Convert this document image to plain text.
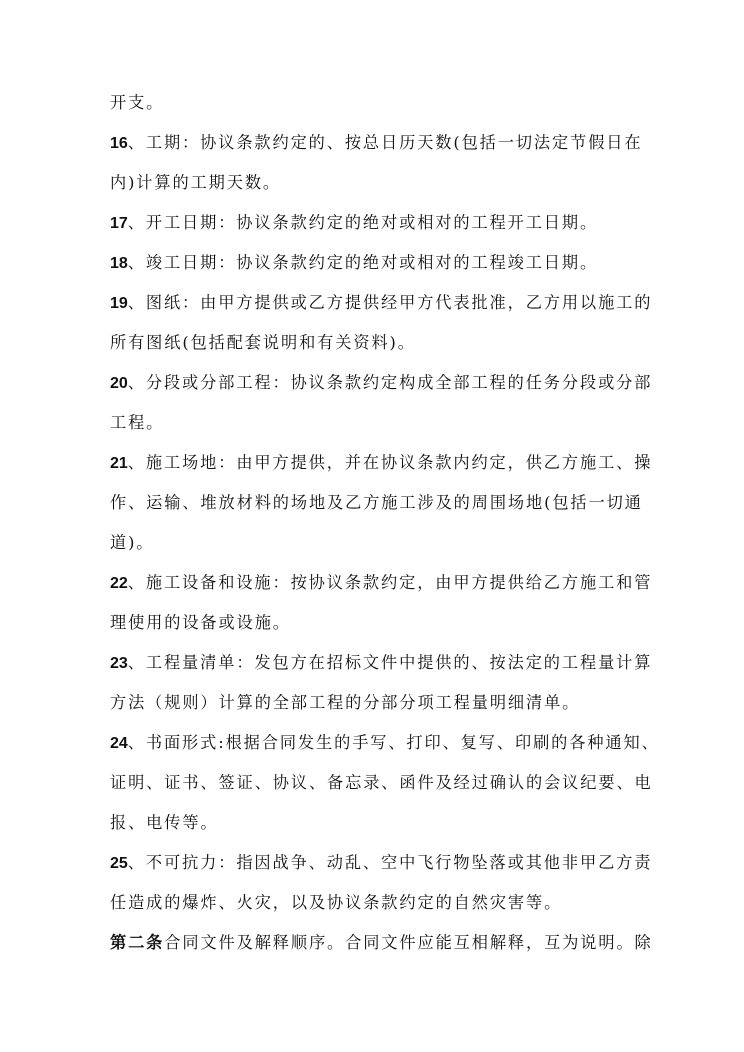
开支。
16、工期：协议条款约定的、按总日历天数(包括一切法定节假日在
内)计算的工期天数。
17、开工日期：协议条款约定的绝对或相对的工程开工日期。
18、竣工日期：协议条款约定的绝对或相对的工程竣工日期。
19、图纸：由甲方提供或乙方提供经甲方代表批准，乙方用以施工的
所有图纸(包括配套说明和有关资料)。
20、分段或分部工程：协议条款约定构成全部工程的任务分段或分部
工程。
21、施工场地：由甲方提供，并在协议条款内约定，供乙方施工、操
作、运输、堆放材料的场地及乙方施工涉及的周围场地(包括一切通
道)。
22、施工设备和设施：按协议条款约定，由甲方提供给乙方施工和管
理使用的设备或设施。
23、工程量清单：发包方在招标文件中提供的、按法定的工程量计算
方法（规则）计算的全部工程的分部分项工程量明细清单。
24、书面形式:根据合同发生的手写、打印、复写、印刷的各种通知、
证明、证书、签证、协议、备忘录、函件及经过确认的会议纪要、电
报、电传等。
25、不可抗力：指因战争、动乱、空中飞行物坠落或其他非甲乙方责
任造成的爆炸、火灾，以及协议条款约定的自然灾害等。
第二条合同文件及解释顺序。合同文件应能互相解释，互为说明。除
